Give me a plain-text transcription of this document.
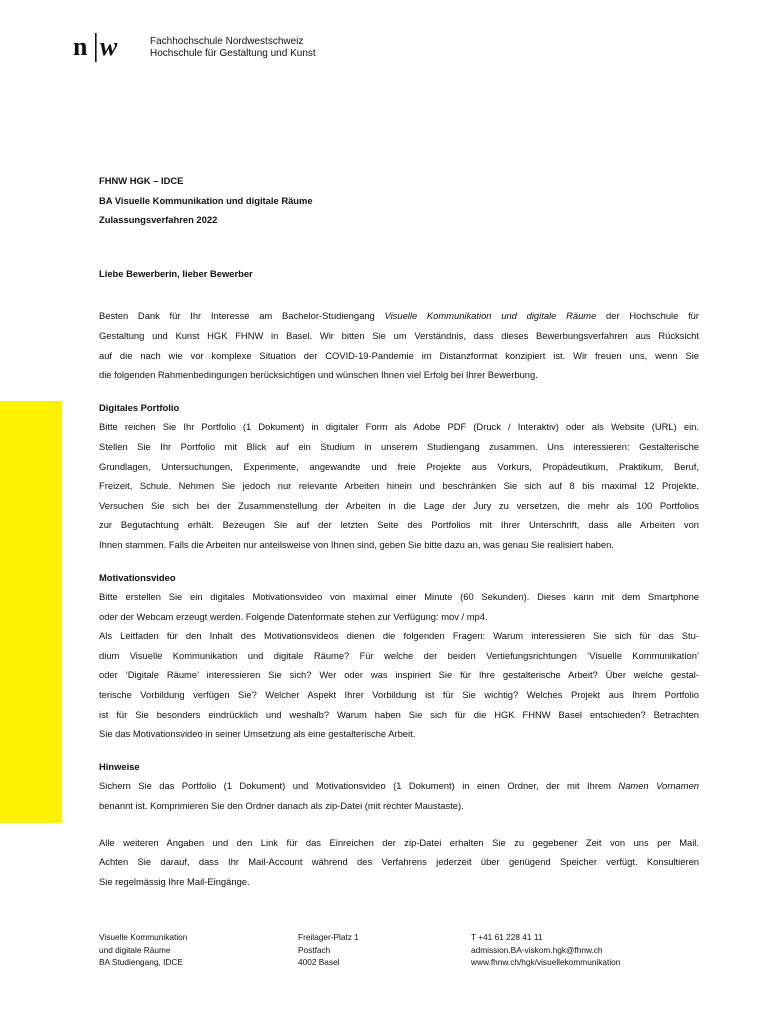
n w	Fachhochschule Nordwestschweiz
Hochschule für Gestaltung und Kunst
FHNW HGK – IDCE
BA Visuelle Kommunikation und digitale Räume
Zulassungsverfahren 2022
Liebe Bewerberin, lieber Bewerber
Besten Dank für Ihr Interesse am Bachelor-Studiengang Visuelle Kommunikation und digitale Räume der Hochschule für
Gestaltung und Kunst HGK FHNW in Basel. Wir bitten Sie um Verständnis, dass dieses Bewerbungsverfahren aus Rücksicht
auf die nach wie vor komplexe Situation der COVID-19-Pandemie im Distanzformat konzipiert ist. Wir freuen uns, wenn Sie
die folgenden Rahmenbedingungen berücksichtigen und wünschen Ihnen viel Erfolg bei Ihrer Bewerbung.
Digitales Portfolio
Bitte reichen Sie Ihr Portfolio (1 Dokument) in digitaler Form als Adobe PDF (Druck / Interaktiv) oder als Website (URL) ein.
Stellen Sie Ihr Portfolio mit Blick auf ein Studium in unserem Studiengang zusammen. Uns interessieren: Gestalterische
Grundlagen, Untersuchungen, Experimente, angewandte und freie Projekte aus Vorkurs, Propädeutikum, Praktikum, Beruf,
Freizeit, Schule. Nehmen Sie jedoch nur relevante Arbeiten hinein und beschränken Sie sich auf 8 bis maximal 12 Projekte.
Versuchen Sie sich bei der Zusammenstellung der Arbeiten in die Lage der Jury zu versetzen, die mehr als 100 Portfolios
zur Begutachtung erhält. Bezeugen Sie auf der letzten Seite des Portfolios mit Ihrer Unterschrift, dass alle Arbeiten von
Ihnen stammen. Falls die Arbeiten nur anteilsweise von Ihnen sind, geben Sie bitte dazu an, was genau Sie realisiert haben.
Motivationsvideo
Bitte erstellen Sie ein digitales Motivationsvideo von maximal einer Minute (60 Sekunden). Dieses kann mit dem Smartphone
oder der Webcam erzeugt werden. Folgende Datenformate stehen zur Verfügung: mov / mp4.
Als Leitfaden für den Inhalt des Motivationsvideos dienen die folgenden Fragen: Warum interessieren Sie sich für das Stu-
dium Visuelle Kommunikation und digitale Räume? Für welche der beiden Vertiefungsrichtungen ‘Visuelle Kommunikation’
oder ‘Digitale Räume’ interessieren Sie sich? Wer oder was inspiriert Sie für Ihre gestalterische Arbeit? Über welche gestal-
terische Vorbildung verfügen Sie? Welcher Aspekt Ihrer Vorbildung ist für Sie wichtig? Welches Projekt aus Ihrem Portfolio
ist für Sie besonders eindrücklich und weshalb? Warum haben Sie sich für die HGK FHNW Basel entschieden? Betrachten
Sie das Motivationsvideo in seiner Umsetzung als eine gestalterische Arbeit.
Hinweise
Sichern Sie das Portfolio (1 Dokument) und Motivationsvideo (1 Dokument) in einen Ordner, der mit Ihrem Namen Vornamen
benannt ist. Komprimieren Sie den Ordner danach als zip-Datei (mit rechter Maustaste).
Alle weiteren Angaben und den Link für das Einreichen der zip-Datei erhalten Sie zu gegebener Zeit von uns per Mail.
Achten Sie darauf, dass Ihr Mail-Account während des Verfahrens jederzeit über genügend Speicher verfügt. Konsultieren
Sie regelmässig Ihre Mail-Eingänge.
Visuelle Kommunikation
und digitale Räume
BA Studiengang, IDCE
Freilager-Platz 1
Postfach
4002 Basel
T +41 61 228 41 11
admission.BA-viskom.hgk@fhnw.ch
www.fhnw.ch/hgk/visuellekommunikation
